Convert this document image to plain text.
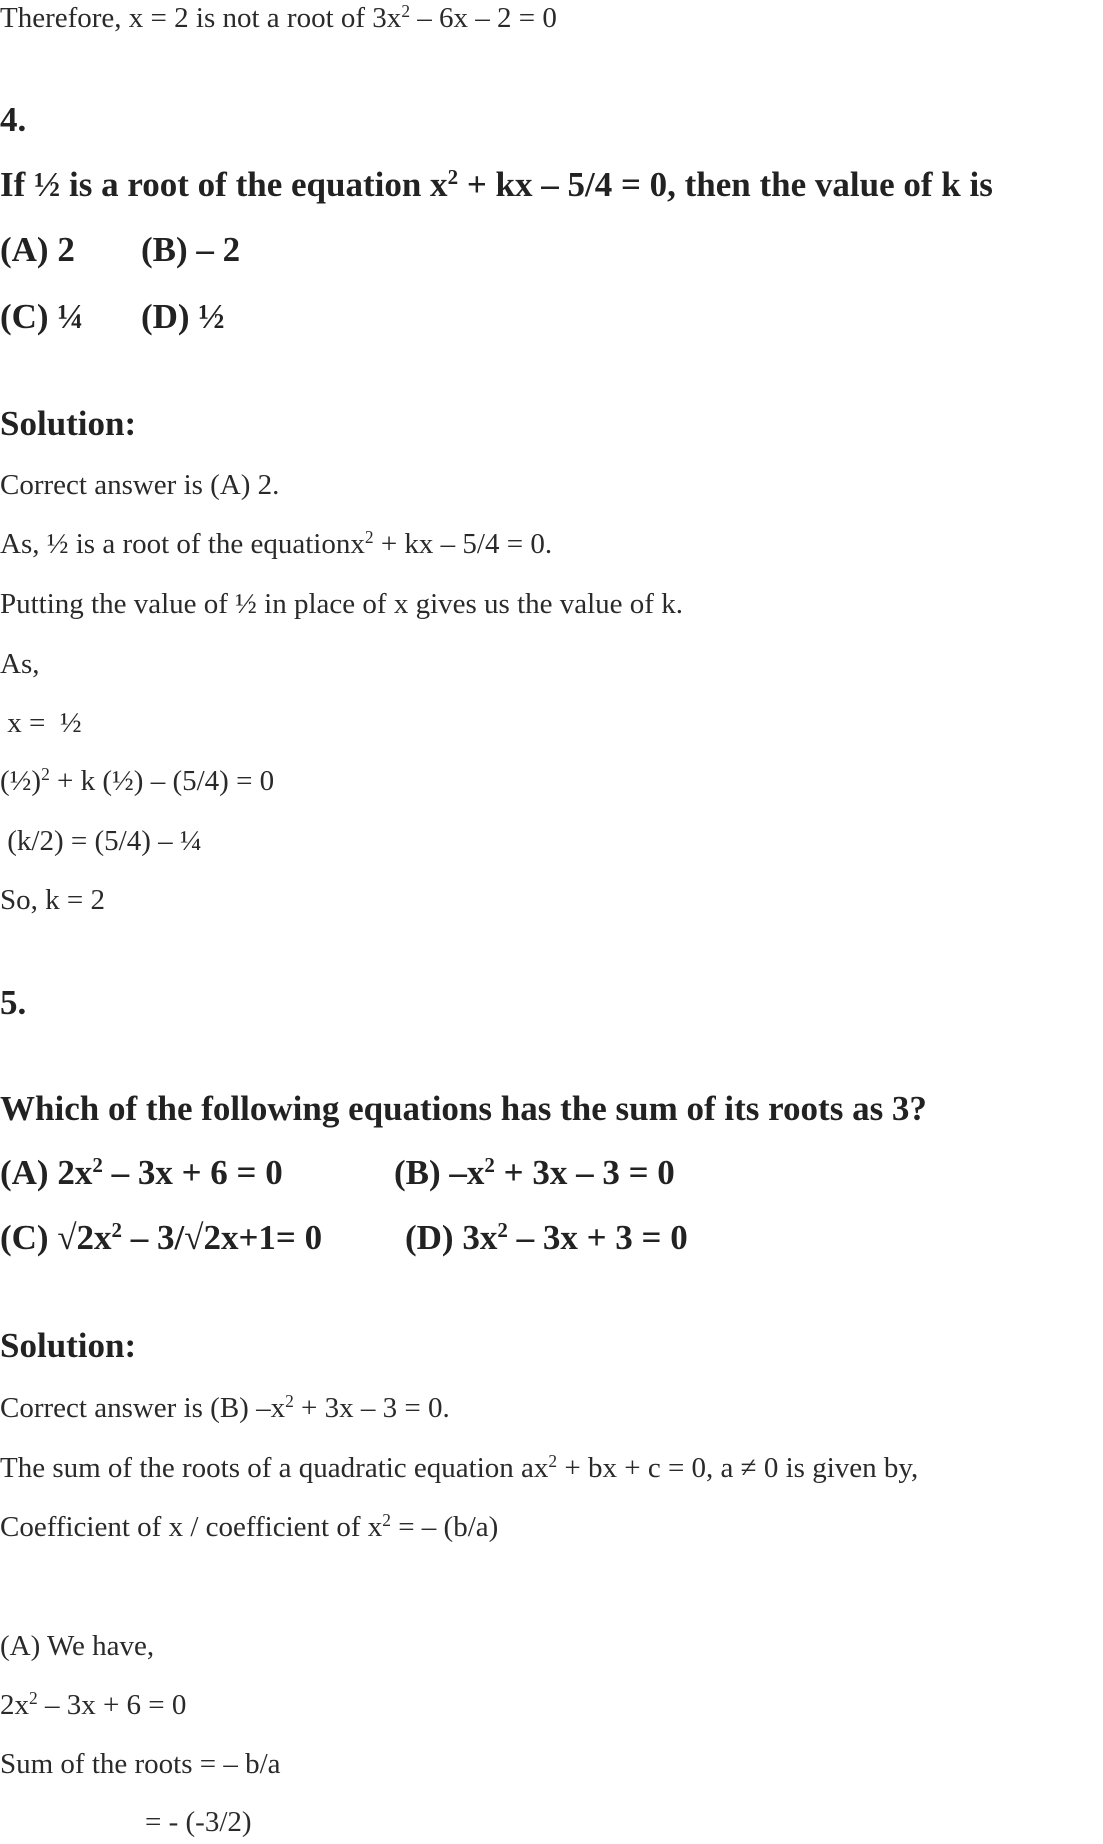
Therefore, x = 2 is not a root of $3x^2 - 6x - 2 = 0$
4.
If ½ is a root of the equation $x^2$ + kx – 5/4 = 0, then the value of k is
(A) 2 (B) – 2
(C) ¼ (D) ½
Solution:
Correct answer is (A) 2.
As, ½ is a root of the equationx$^2$ + kx – 5/4 = 0.
Putting the value of ½ in place of x gives us the value of k.
As,
x =  ½
(½)$^2$ + k (½) – (5/4) = 0
(k/2) = (5/4) – ¼
So, k = 2
5.
Which of the following equations has the sum of its roots as 3?
(A) $2x^2 - 3x + 6 = 0$	(B) $-x^2 + 3x - 3 = 0$
(C) $√2x^2 - 3/√2x+1= 0$ (D) $3x^2 - 3x + 3 = 0$
Solution:
Correct answer is (B) $-x^2 + 3x - 3 = 0$.
The sum of the roots of a quadratic equation $ax^2$ + bx + c = 0, a ≠ 0 is given by,
Coefficient of x / coefficient of $x^2$ = – (b/a)
(A) We have,
$2x^2 - 3x + 6 = 0$
Sum of the roots = – b/a
= - (-3/2)
